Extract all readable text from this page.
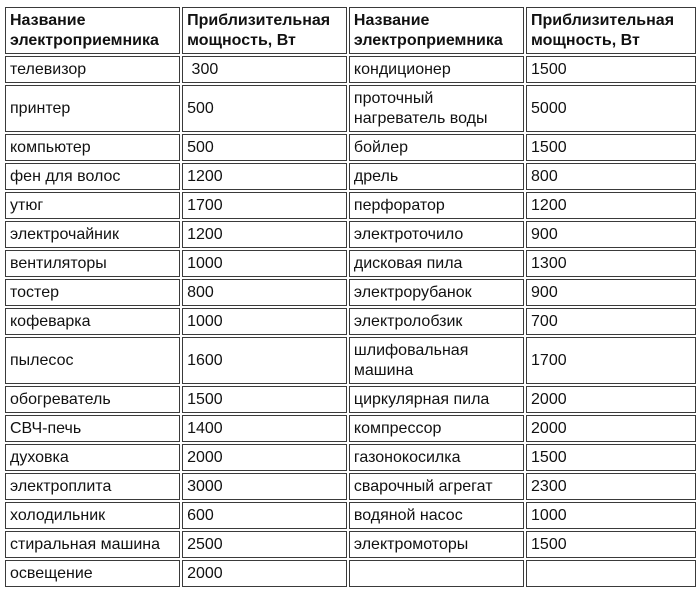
Название электроприемника	Приблизительная мощность, Вт	Название электроприемника	Приблизительная мощность, Вт
телевизор	300	кондиционер	1500
принтер	500	проточный нагреватель воды	5000
компьютер	500	бойлер	1500
фен для волос	1200	дрель	800
утюг	1700	перфоратор	1200
электрочайник	1200	электроточило	900
вентиляторы	1000	дисковая пила	1300
тостер	800	электрорубанок	900
кофеварка	1000	электролобзик	700
пылесос	1600	шлифовальная машина	1700
обогреватель	1500	циркулярная пила	2000
СВЧ-печь	1400	компрессор	2000
духовка	2000	газонокосилка	1500
электроплита	3000	сварочный агрегат	2300
холодильник	600	водяной насос	1000
стиральная машина	2500	электромоторы	1500
освещение	2000		
